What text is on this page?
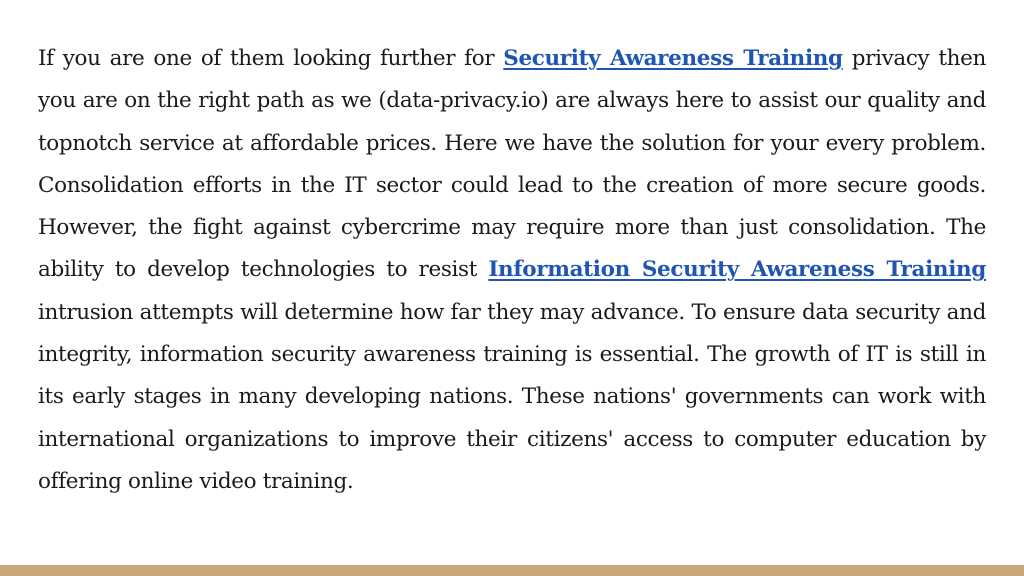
If you are one of them looking further for Security Awareness Training privacy then you are on the right path as we (data-privacy.io) are always here to assist our quality and topnotch service at affordable prices. Here we have the solution for your every problem. Consolidation efforts in the IT sector could lead to the creation of more secure goods. However, the fight against cybercrime may require more than just consolidation. The ability to develop technologies to resist Information Security Awareness Training intrusion attempts will determine how far they may advance. To ensure data security and integrity, information security awareness training is essential. The growth of IT is still in its early stages in many developing nations. These nations' governments can work with international organizations to improve their citizens' access to computer education by offering online video training.
